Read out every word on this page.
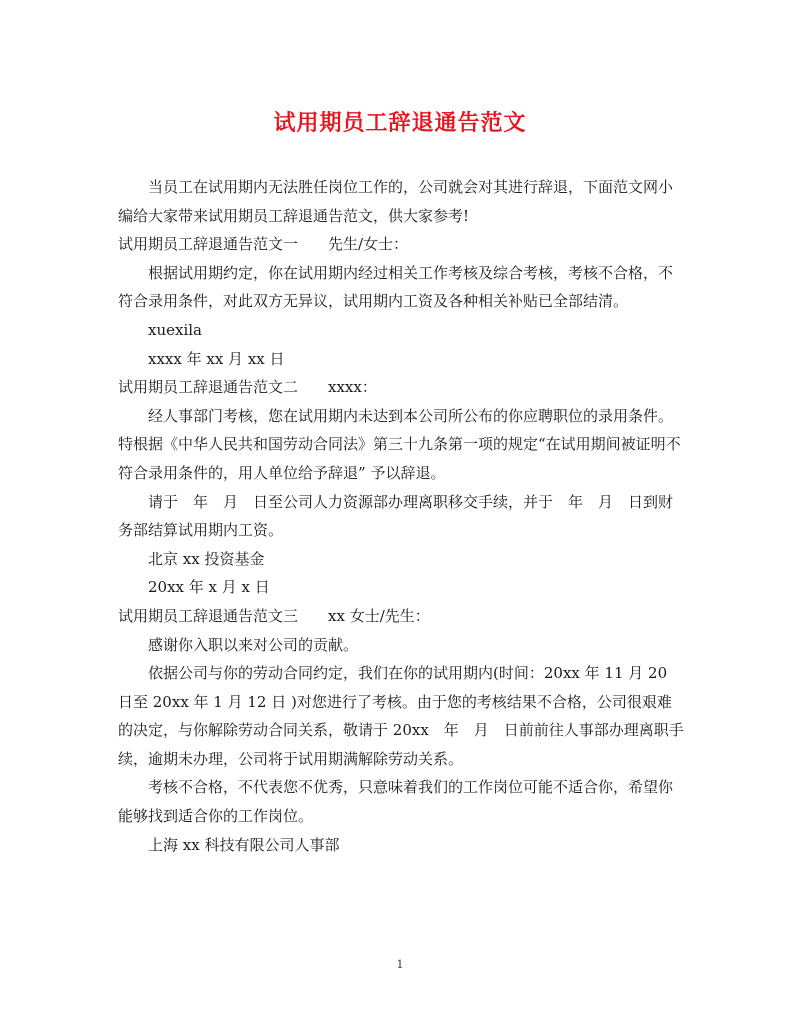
试用期员工辞退通告范文

当员工在试用期内无法胜任岗位工作的，公司就会对其进行辞退，下面范文网小编给大家带来试用期员工辞退通告范文，供大家参考!

试用期员工辞退通告范文一　　先生/女士：

根据试用期约定，你在试用期内经过相关工作考核及综合考核，考核不合格，不符合录用条件，对此双方无异议，试用期内工资及各种相关补贴已全部结清。

xuexila

xxxx 年 xx 月 xx 日

试用期员工辞退通告范文二　　xxxx：

经人事部门考核，您在试用期内未达到本公司所公布的你应聘职位的录用条件。特根据《中华人民共和国劳动合同法》第三十九条第一项的规定“在试用期间被证明不符合录用条件的，用人单位给予辞退” 予以辞退。

请于　年　月　日至公司人力资源部办理离职移交手续，并于　年　月　日到财务部结算试用期内工资。

北京 xx 投资基金

20xx 年 x 月 x 日

试用期员工辞退通告范文三　　xx 女士/先生：

感谢你入职以来对公司的贡献。

依据公司与你的劳动合同约定，我们在你的试用期内(时间：20xx 年 11 月 20 日至 20xx 年 1 月 12 日 )对您进行了考核。由于您的考核结果不合格，公司很艰难的决定，与你解除劳动合同关系，敬请于 20xx　年　月　日前前往人事部办理离职手续，逾期未办理，公司将于试用期满解除劳动关系。

考核不合格，不代表您不优秀，只意味着我们的工作岗位可能不适合你，希望你能够找到适合你的工作岗位。

上海 xx 科技有限公司人事部

1
